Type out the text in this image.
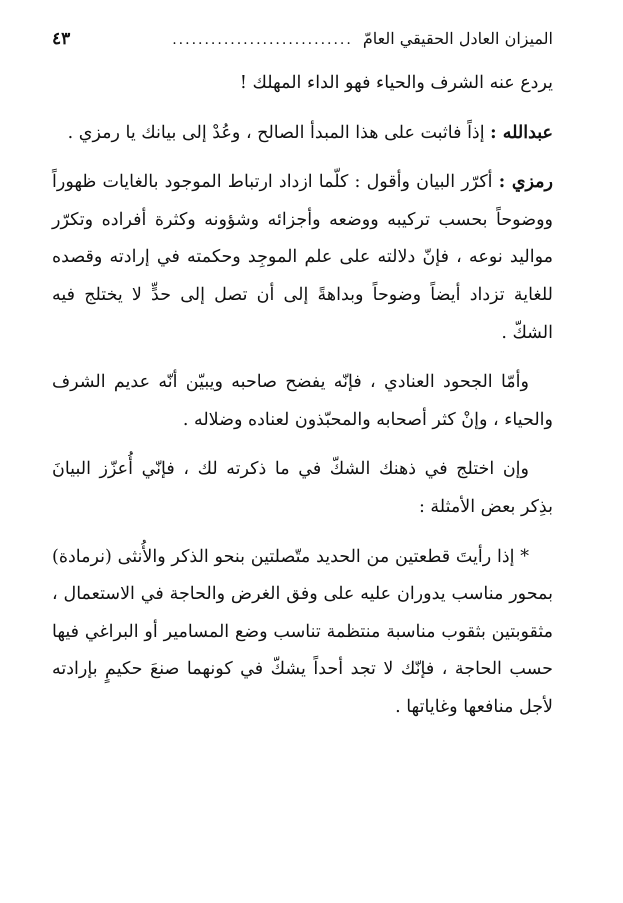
الميزان العادل الحقيقي العامّ
............................
٤٣

يردع عنه الشرف والحياء فهو الداء المهلك !

عبدالله : إذاً فاثبت على هذا المبدأ الصالح ، وعُدْ إلى بيانك يا رمزي .

رمزي : أكرّر البيان وأقول : كلّما ازداد ارتباط الموجود بالغايات ظهوراً ووضوحاً بحسب تركيبه ووضعه وأجزائه وشؤونه وكثرة أفراده وتكرّر مواليد نوعه ، فإنّ دلالته على علم الموجِد وحكمته في إرادته وقصده للغاية تزداد أيضاً وضوحاً وبداهةً إلى أن تصل إلى حدٍّ لا يختلج فيه الشكّ .

وأمّا الجحود العنادي ، فإنّه يفضح صاحبه ويبيّن أنّه عديم الشرف والحياء ، وإنْ كثر أصحابه والمحبّذون لعناده وضلاله .

وإن اختلج في ذهنك الشكّ في ما ذكرته لك ، فإنّي أُعزّز البيانَ بذِكر بعض الأمثلة :

* إذا رأيتَ قطعتين من الحديد متّصلتين بنحو الذكر والأُنثى (نرمادة) بمحور مناسب يدوران عليه على وفق الغرض والحاجة في الاستعمال ، مثقوبتين بثقوب مناسبة منتظمة تناسب وضع المسامير أو البراغي فيها حسب الحاجة ، فإنّك لا تجد أحداً يشكّ في كونهما صنعَ حكيمٍ بإرادته لأجل منافعها وغاياتها .
